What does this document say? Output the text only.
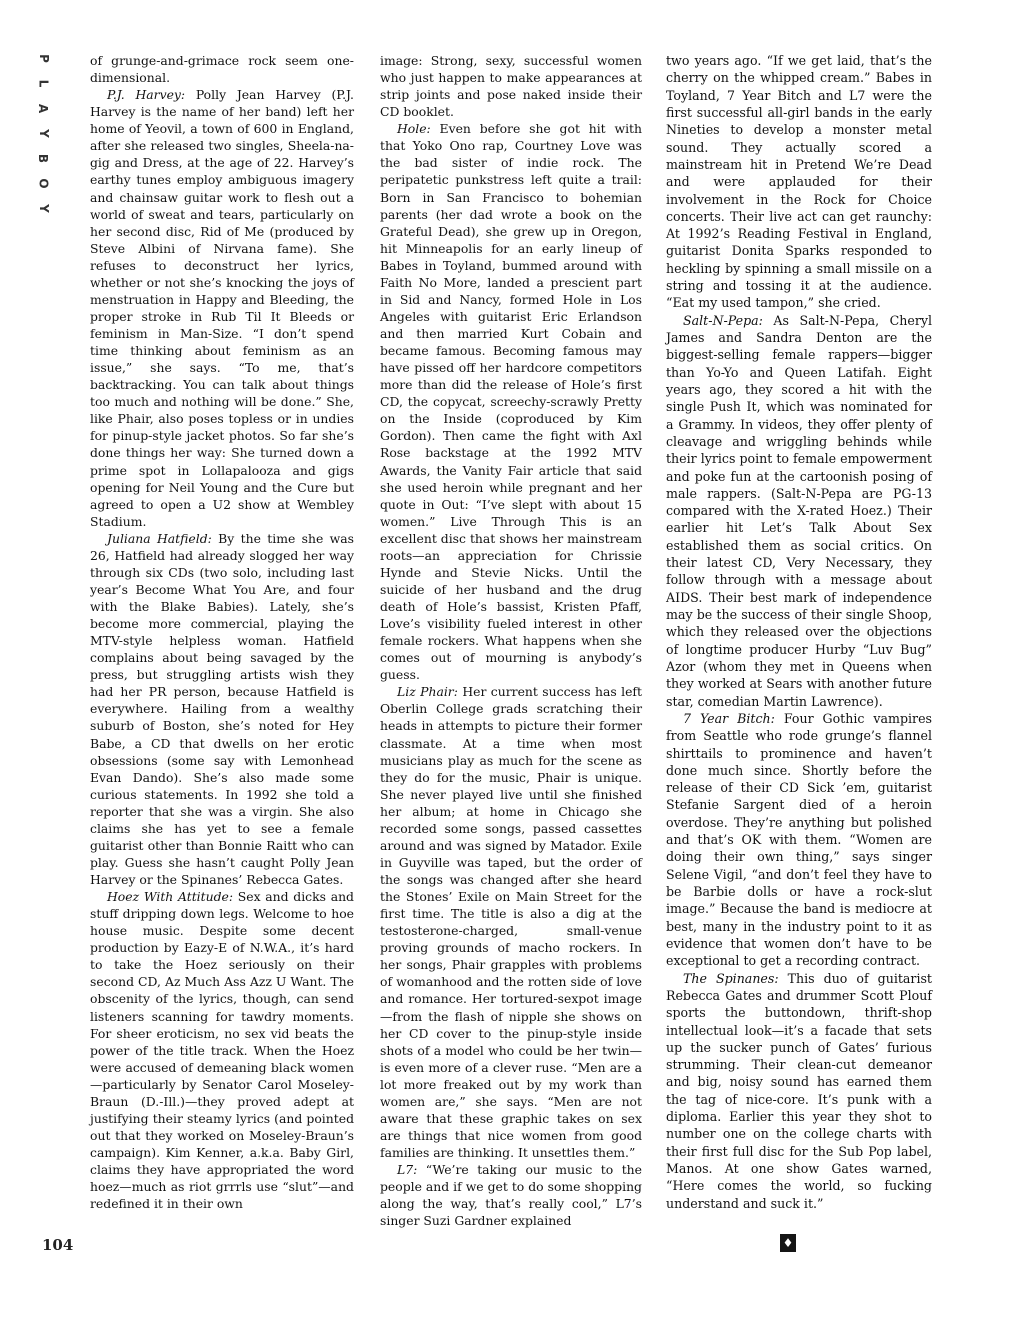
P
L
A
Y
B
O
Y

of grunge-and-grimace rock seem one-dimensional.

P.J. Harvey: Polly Jean Harvey (P.J. Harvey is the name of her band) left her home of Yeovil, a town of 600 in England, after she released two singles, Sheela-na-gig and Dress, at the age of 22. Harvey’s earthy tunes employ ambiguous imagery and chainsaw guitar work to flesh out a world of sweat and tears, particularly on her second disc, Rid of Me (produced by Steve Albini of Nirvana fame). She refuses to deconstruct her lyrics, whether or not she’s knocking the joys of menstruation in Happy and Bleeding, the proper stroke in Rub Til It Bleeds or feminism in Man-Size. “I don’t spend time thinking about feminism as an issue,” she says. “To me, that’s backtracking. You can talk about things too much and nothing will be done.” She, like Phair, also poses topless or in undies for pinup-style jacket photos. So far she’s done things her way: She turned down a prime spot in Lollapalooza and gigs opening for Neil Young and the Cure but agreed to open a U2 show at Wembley Stadium.

Juliana Hatfield: By the time she was 26, Hatfield had already slogged her way through six CDs (two solo, including last year’s Become What You Are, and four with the Blake Babies). Lately, she’s become more commercial, playing the MTV-style helpless woman. Hatfield complains about being savaged by the press, but struggling artists wish they had her PR person, because Hatfield is everywhere. Hailing from a wealthy suburb of Boston, she’s noted for Hey Babe, a CD that dwells on her erotic obsessions (some say with Lemonhead Evan Dando). She’s also made some curious statements. In 1992 she told a reporter that she was a virgin. She also claims she has yet to see a female guitarist other than Bonnie Raitt who can play. Guess she hasn’t caught Polly Jean Harvey or the Spinanes’ Rebecca Gates.

Hoez With Attitude: Sex and dicks and stuff dripping down legs. Welcome to hoe house music. Despite some decent production by Eazy-E of N.W.A., it’s hard to take the Hoez seriously on their second CD, Az Much Ass Azz U Want. The obscenity of the lyrics, though, can send listeners scanning for tawdry moments. For sheer eroticism, no sex vid beats the power of the title track. When the Hoez were accused of demeaning black women—particularly by Senator Carol Moseley-Braun (D.-Ill.)—they proved adept at justifying their steamy lyrics (and pointed out that they worked on Moseley-Braun’s campaign). Kim Kenner, a.k.a. Baby Girl, claims they have appropriated the word hoez—much as riot grrrls use “slut”—and redefined it in their own

image: Strong, sexy, successful women who just happen to make appearances at strip joints and pose naked inside their CD booklet.

Hole: Even before she got hit with that Yoko Ono rap, Courtney Love was the bad sister of indie rock. The peripatetic punkstress left quite a trail: Born in San Francisco to bohemian parents (her dad wrote a book on the Grateful Dead), she grew up in Oregon, hit Minneapolis for an early lineup of Babes in Toyland, bummed around with Faith No More, landed a prescient part in Sid and Nancy, formed Hole in Los Angeles with guitarist Eric Erlandson and then married Kurt Cobain and became famous. Becoming famous may have pissed off her hardcore competitors more than did the release of Hole’s first CD, the copycat, screechy-scrawly Pretty on the Inside (coproduced by Kim Gordon). Then came the fight with Axl Rose backstage at the 1992 MTV Awards, the Vanity Fair article that said she used heroin while pregnant and her quote in Out: “I’ve slept with about 15 women.” Live Through This is an excellent disc that shows her mainstream roots—an appreciation for Chrissie Hynde and Stevie Nicks. Until the suicide of her husband and the drug death of Hole’s bassist, Kristen Pfaff, Love’s visibility fueled interest in other female rockers. What happens when she comes out of mourning is anybody’s guess.

Liz Phair: Her current success has left Oberlin College grads scratching their heads in attempts to picture their former classmate. At a time when most musicians play as much for the scene as they do for the music, Phair is unique. She never played live until she finished her album; at home in Chicago she recorded some songs, passed cassettes around and was signed by Matador. Exile in Guyville was taped, but the order of the songs was changed after she heard the Stones’ Exile on Main Street for the first time. The title is also a dig at the testosterone-charged, small-venue proving grounds of macho rockers. In her songs, Phair grapples with problems of womanhood and the rotten side of love and romance. Her tortured-sexpot image—from the flash of nipple she shows on her CD cover to the pinup-style inside shots of a model who could be her twin—is even more of a clever ruse. “Men are a lot more freaked out by my work than women are,” she says. “Men are not aware that these graphic takes on sex are things that nice women from good families are thinking. It unsettles them.”

L7: “We’re taking our music to the people and if we get to do some shopping along the way, that’s really cool,” L7’s singer Suzi Gardner explained

two years ago. “If we get laid, that’s the cherry on the whipped cream.” Babes in Toyland, 7 Year Bitch and L7 were the first successful all-girl bands in the early Nineties to develop a monster metal sound. They actually scored a mainstream hit in Pretend We’re Dead and were applauded for their involvement in the Rock for Choice concerts. Their live act can get raunchy: At 1992’s Reading Festival in England, guitarist Donita Sparks responded to heckling by spinning a small missile on a string and tossing it at the audience. “Eat my used tampon,” she cried.

Salt-N-Pepa: As Salt-N-Pepa, Cheryl James and Sandra Denton are the biggest-selling female rappers—bigger than Yo-Yo and Queen Latifah. Eight years ago, they scored a hit with the single Push It, which was nominated for a Grammy. In videos, they offer plenty of cleavage and wriggling behinds while their lyrics point to female empowerment and poke fun at the cartoonish posing of male rappers. (Salt-N-Pepa are PG-13 compared with the X-rated Hoez.) Their earlier hit Let’s Talk About Sex established them as social critics. On their latest CD, Very Necessary, they follow through with a message about AIDS. Their best mark of independence may be the success of their single Shoop, which they released over the objections of longtime producer Hurby “Luv Bug” Azor (whom they met in Queens when they worked at Sears with another future star, comedian Martin Lawrence).

7 Year Bitch: Four Gothic vampires from Seattle who rode grunge’s flannel shirttails to prominence and haven’t done much since. Shortly before the release of their CD Sick ’em, guitarist Stefanie Sargent died of a heroin overdose. They’re anything but polished and that’s OK with them. “Women are doing their own thing,” says singer Selene Vigil, “and don’t feel they have to be Barbie dolls or have a rock-slut image.” Because the band is mediocre at best, many in the industry point to it as evidence that women don’t have to be exceptional to get a recording contract.

The Spinanes: This duo of guitarist Rebecca Gates and drummer Scott Plouf sports the buttondown, thrift-shop intellectual look—it’s a facade that sets up the sucker punch of Gates’ furious strumming. Their clean-cut demeanor and big, noisy sound has earned them the tag of nice-core. It’s punk with a diploma. Earlier this year they shot to number one on the college charts with their first full disc for the Sub Pop label, Manos. At one show Gates warned, “Here comes the world, so fucking understand and suck it.”

104	♦
